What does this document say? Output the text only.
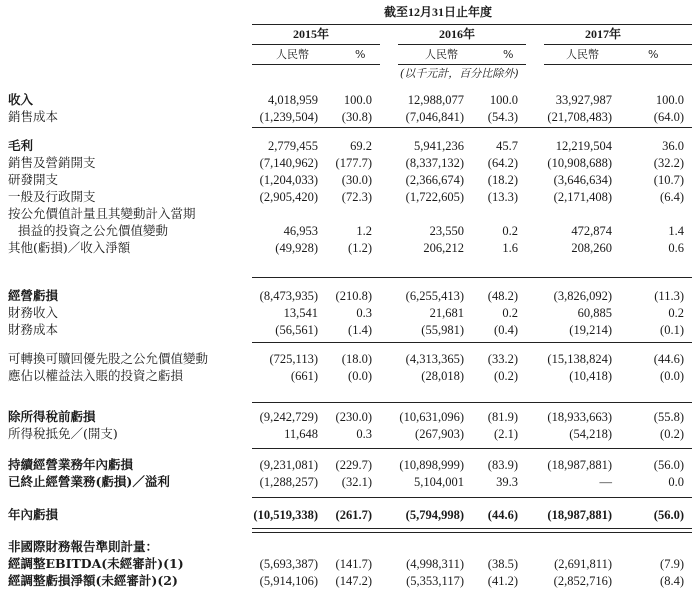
截至12月31日止年度
2015年	2016年	2017年
人民幣	%	人民幣	%	人民幣	%
(以千元計，百分比除外)
收入	4,018,959 100.0	12,988,077 100.0	33,927,987	100.0
銷售成本	(1,239,504) (30.8)	(7,046,841) (54.3) (21,708,483)	(64.0)
毛利	2,779,455	69.2	5,941,236	45.7	12,219,504	36.0
銷售及營銷開支	(7,140,962) (177.7)	(8,337,132) (64.2) (10,908,688)	(32.2)
研發開支	(1,204,033) (30.0)	(2,366,674) (18.2)	(3,646,634)	(10.7)
一般及行政開支	(2,905,420) (72.3)	(1,722,605) (13.3)	(2,171,408)	(6.4)
按公允價值計量且其變動計入當期
損益的投資之公允價值變動	46,953	1.2	23,550	0.2	472,874	1.4
其他(虧損)／收入淨額	(49,928) (1.2)	206,212	1.6	208,260	0.6
經營虧損	(8,473,935) (210.8)	(6,255,413) (48.2)	(3,826,092)	(11.3)
財務收入	13,541	0.3	21,681	0.2	60,885	0.2
財務成本	(56,561) (1.4)	(55,981) (0.4)	(19,214)	(0.1)
可轉換可贖回優先股之公允價值變動	(725,113) (18.0)	(4,313,365) (33.2) (15,138,824)	(44.6)
應佔以權益法入賬的投資之虧損	(661) (0.0)	(28,018) (0.2)	(10,418)	(0.0)
除所得稅前虧損	(9,242,729) (230.0) (10,631,096) (81.9) (18,933,663)	(55.8)
所得稅抵免／(開支)	11,648	0.3	(267,903) (2.1)	(54,218)	(0.2)
持續經營業務年內虧損	(9,231,081) (229.7) (10,898,999) (83.9) (18,987,881)	(56.0)
已終止經營業務(虧損)／溢利	(1,288,257) (32.1)	5,104,001	39.3	—	0.0
年內虧損	(10,519,338) (261.7)	(5,794,998) (44.6) (18,987,881)	(56.0)
非國際財務報告準則計量：
經調整EBITDA(未經審計)(1)	(5,693,387) (141.7)	(4,998,311) (38.5)	(2,691,811)	(7.9)
經調整虧損淨額(未經審計)(2)	(5,914,106) (147.2)	(5,353,117) (41.2)	(2,852,716)	(8.4)
